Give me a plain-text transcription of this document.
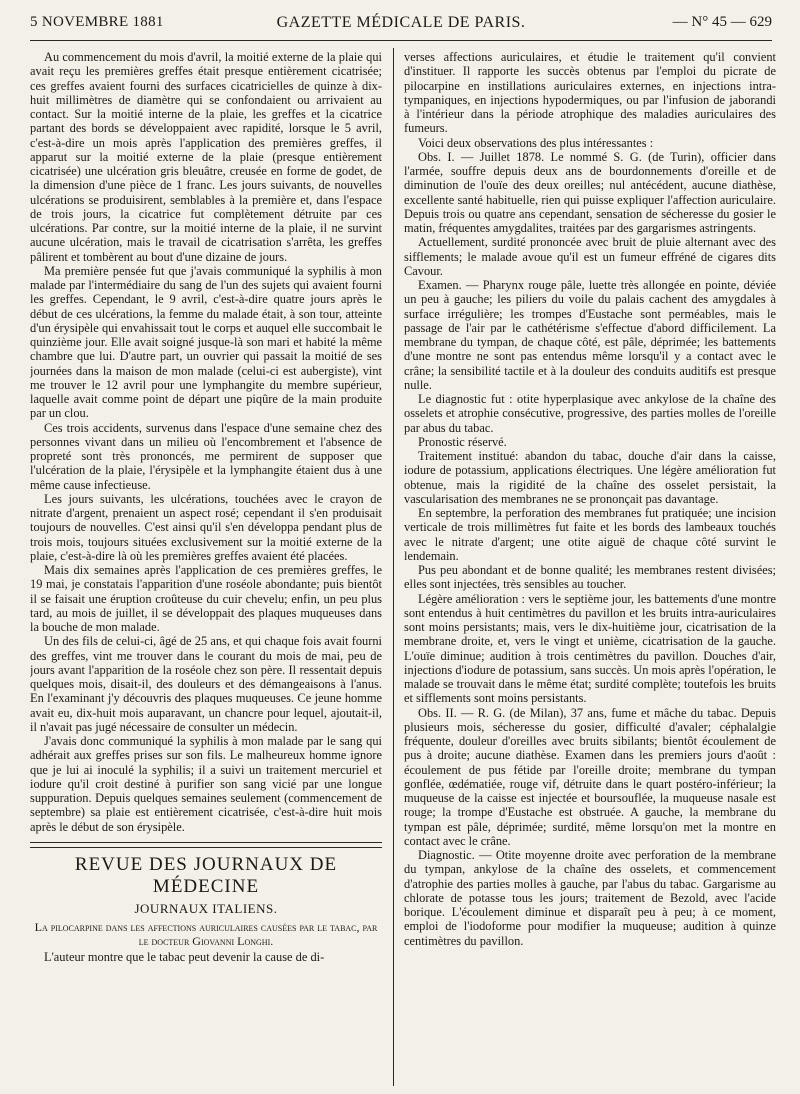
5 NOVEMBRE 1881	GAZETTE MÉDICALE DE PARIS.	— N° 45 — 629

Au commencement du mois d'avril, la moitié externe de la plaie qui avait reçu les premières greffes était presque entièrement cicatrisée; ces greffes avaient fourni des surfaces cicatricielles de quinze à dix-huit millimètres de diamètre qui se confondaient ou arrivaient au contact. Sur la moitié interne de la plaie, les greffes et la cicatrice partant des bords se développaient avec rapidité, lorsque le 5 avril, c'est-à-dire un mois après l'application des premières greffes, il apparut sur la moitié externe de la plaie (presque entièrement cicatrisée) une ulcération gris bleuâtre, creusée en forme de godet, de la dimension d'une pièce de 1 franc. Les jours suivants, de nouvelles ulcérations se produisirent, semblables à la première et, dans l'espace de trois jours, la cicatrice fut complètement détruite par ces ulcérations. Par contre, sur la moitié interne de la plaie, il ne survint aucune ulcération, mais le travail de cicatrisation s'arrêta, les greffes pâlirent et tombèrent au bout d'une dizaine de jours.

Ma première pensée fut que j'avais communiqué la syphilis à mon malade par l'intermédiaire du sang de l'un des sujets qui avaient fourni les greffes. Cependant, le 9 avril, c'est-à-dire quatre jours après le début de ces ulcérations, la femme du malade était, à son tour, atteinte d'un érysipèle qui envahissait tout le corps et auquel elle succombait le quinzième jour. Elle avait soigné jusque-là son mari et habité la même chambre que lui. D'autre part, un ouvrier qui passait la moitié de ses journées dans la maison de mon malade (celui-ci est aubergiste), vint me trouver le 12 avril pour une lymphangite du membre supérieur, laquelle avait comme point de départ une piqûre de la main produite par un clou.

Ces trois accidents, survenus dans l'espace d'une semaine chez des personnes vivant dans un milieu où l'encombrement et l'absence de propreté sont très prononcés, me permirent de supposer que l'ulcération de la plaie, l'érysipèle et la lymphangite étaient dus à une même cause infectieuse.

Les jours suivants, les ulcérations, touchées avec le crayon de nitrate d'argent, prenaient un aspect rosé; cependant il s'en produisait toujours de nouvelles. C'est ainsi qu'il s'en développa pendant plus de trois mois, toujours situées exclusivement sur la moitié externe de la plaie, c'est-à-dire là où les premières greffes avaient été placées.

Mais dix semaines après l'application de ces premières greffes, le 19 mai, je constatais l'apparition d'une roséole abondante; puis bientôt il se faisait une éruption croûteuse du cuir chevelu; enfin, un peu plus tard, au mois de juillet, il se développait des plaques muqueuses dans la bouche de mon malade.

Un des fils de celui-ci, âgé de 25 ans, et qui chaque fois avait fourni des greffes, vint me trouver dans le courant du mois de mai, peu de jours avant l'apparition de la roséole chez son père. Il ressentait depuis quelques mois, disait-il, des douleurs et des démangeaisons à l'anus. En l'examinant j'y découvris des plaques muqueuses. Ce jeune homme avait eu, dix-huit mois auparavant, un chancre pour lequel, ajoutait-il, il n'avait pas jugé nécessaire de consulter un médecin.

J'avais donc communiqué la syphilis à mon malade par le sang qui adhérait aux greffes prises sur son fils. Le malheureux homme ignore que je lui ai inoculé la syphilis; il a suivi un traitement mercuriel et iodure qu'il croit destiné à purifier son sang vicié par une longue suppuration. Depuis quelques semaines seulement (commencement de septembre) sa plaie est entièrement cicatrisée, c'est-à-dire huit mois après le début de son érysipèle.

REVUE DES JOURNAUX DE MÉDECINE
JOURNAUX ITALIENS.
La pilocarpine dans les affections auriculaires causées par le tabac, par le docteur Giovanni Longhi.

L'auteur montre que le tabac peut devenir la cause de di-

verses affections auriculaires, et étudie le traitement qu'il convient d'instituer. Il rapporte les succès obtenus par l'emploi du picrate de pilocarpine en instillations auriculaires externes, en injections intra-tympaniques, en injections hypodermiques, ou par l'infusion de jaborandi à l'intérieur dans la période atrophique des maladies auriculaires des fumeurs.

Voici deux observations des plus intéressantes :

Obs. I. — Juillet 1878. Le nommé S. G. (de Turin), officier dans l'armée, souffre depuis deux ans de bourdonnements d'oreille et de diminution de l'ouïe des deux oreilles; nul antécédent, aucune diathèse, excellente santé habituelle, rien qui puisse expliquer l'affection auriculaire. Depuis trois ou quatre ans cependant, sensation de sécheresse du gosier le matin, fréquentes amygdalites, traitées par des gargarismes astringents.

Actuellement, surdité prononcée avec bruit de pluie alternant avec des sifflements; le malade avoue qu'il est un fumeur effréné de cigares dits Cavour.

Examen. — Pharynx rouge pâle, luette très allongée en pointe, déviée un peu à gauche; les piliers du voile du palais cachent des amygdales à surface irrégulière; les trompes d'Eustache sont perméables, mais le passage de l'air par le cathétérisme s'effectue d'abord difficilement. La membrane du tympan, de chaque côté, est pâle, déprimée; les battements d'une montre ne sont pas entendus même lorsqu'il y a contact avec le crâne; la sensibilité tactile et à la douleur des conduits auditifs est presque nulle.

Le diagnostic fut : otite hyperplasique avec ankylose de la chaîne des osselets et atrophie consécutive, progressive, des parties molles de l'oreille par abus du tabac.

Pronostic réservé.

Traitement institué: abandon du tabac, douche d'air dans la caisse, iodure de potassium, applications électriques. Une légère amélioration fut obtenue, mais la rigidité de la chaîne des osselet persistait, la vascularisation des membranes ne se prononçait pas davantage.

En septembre, la perforation des membranes fut pratiquée; une incision verticale de trois millimètres fut faite et les bords des lambeaux touchés avec le nitrate d'argent; une otite aiguë de chaque côté survint le lendemain.

Pus peu abondant et de bonne qualité; les membranes restent divisées; elles sont injectées, très sensibles au toucher.

Légère amélioration : vers le septième jour, les battements d'une montre sont entendus à huit centimètres du pavillon et les bruits intra-auriculaires sont moins persistants; mais, vers le dix-huitième jour, cicatrisation de la membrane droite, et, vers le vingt et unième, cicatrisation de la gauche. L'ouïe diminue; audition à trois centimètres du pavillon. Douches d'air, injections d'iodure de potassium, sans succès. Un mois après l'opération, le malade se trouvait dans le même état; surdité complète; toutefois les bruits et sifflements sont moins persistants.

Obs. II. — R. G. (de Milan), 37 ans, fume et mâche du tabac. Depuis plusieurs mois, sécheresse du gosier, difficulté d'avaler; céphalalgie fréquente, douleur d'oreilles avec bruits sibilants; bientôt écoulement de pus à droite; aucune diathèse. Examen dans les premiers jours d'août : écoulement de pus fétide par l'oreille droite; membrane du tympan gonflée, œdématiée, rouge vif, détruite dans le quart postéro-inférieur; la muqueuse de la caisse est injectée et boursouflée, la muqueuse nasale est rouge; la trompe d'Eustache est obstruée. A gauche, la membrane du tympan est pâle, déprimée; surdité, même lorsqu'on met la montre en contact avec le crâne.

Diagnostic. — Otite moyenne droite avec perforation de la membrane du tympan, ankylose de la chaîne des osselets, et commencement d'atrophie des parties molles à gauche, par l'abus du tabac. Gargarisme au chlorate de potasse tous les jours; traitement de Bezold, avec l'acide borique. L'écoulement diminue et disparaît peu à peu; à ce moment, emploi de l'iodoforme pour modifier la muqueuse; audition à quinze centimètres du pavillon.
